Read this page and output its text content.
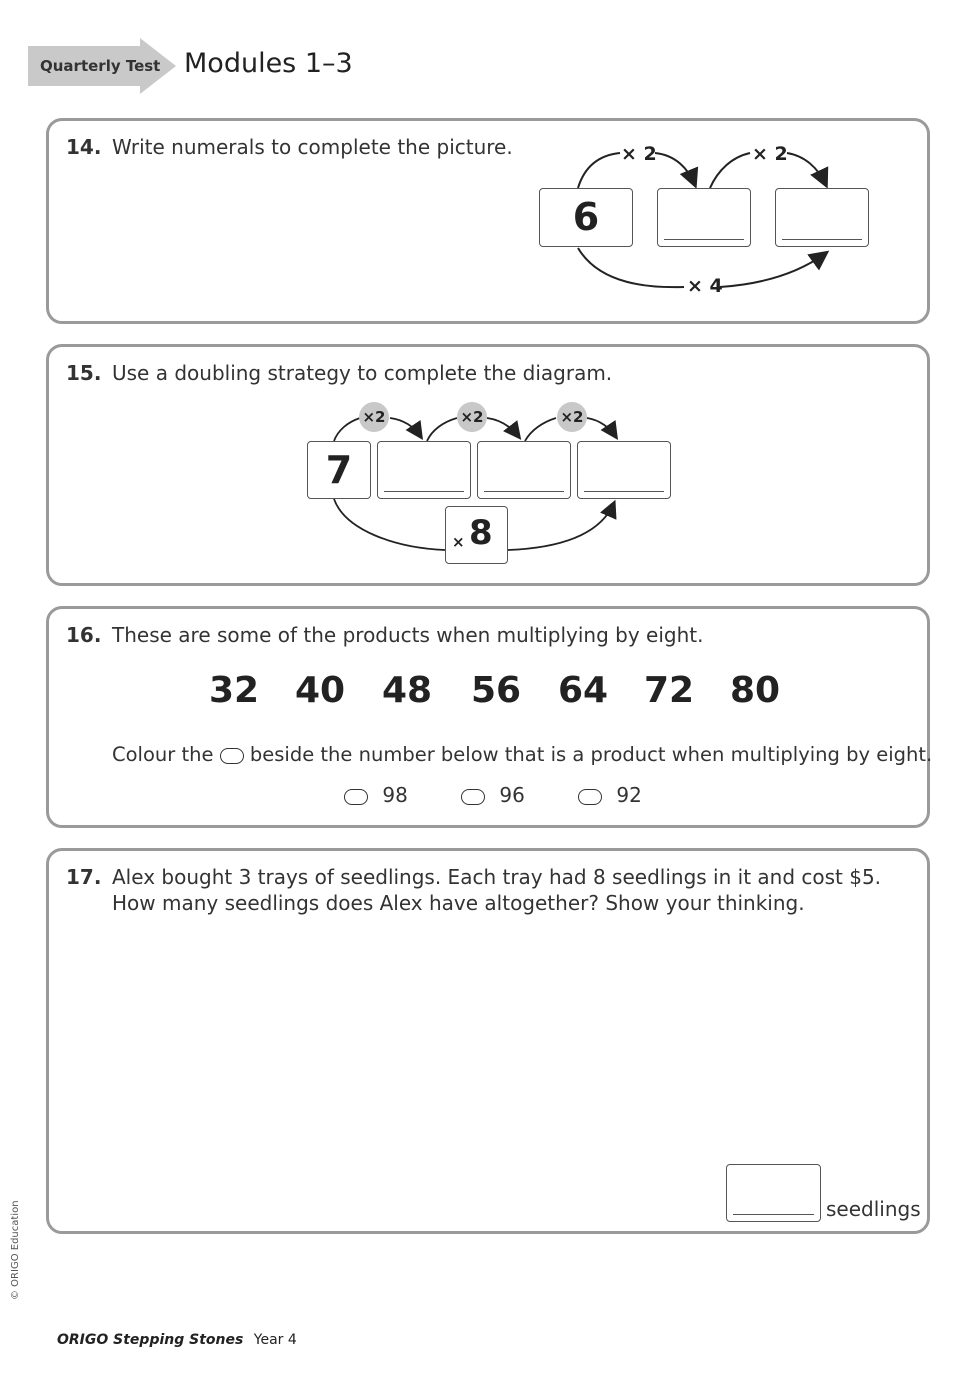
Quarterly Test Modules 1–3
14. Write numerals to complete the picture.	× 2	× 2
× 4
6
15. Use a doubling strategy to complete the diagram.
×2	×2	×2
7
× 8
16. These are some of the products when multiplying by eight.
32 40 48 56 64 72 80
Colour the beside the number below that is a product when multiplying by eight.
98	96	92
17. Alex bought 3 trays of seedlings. Each tray had 8 seedlings in it and cost $5.
How many seedlings does Alex have altogether? Show your thinking.
seedlings
© ORIGO Education
ORIGO Stepping Stones Year 4
